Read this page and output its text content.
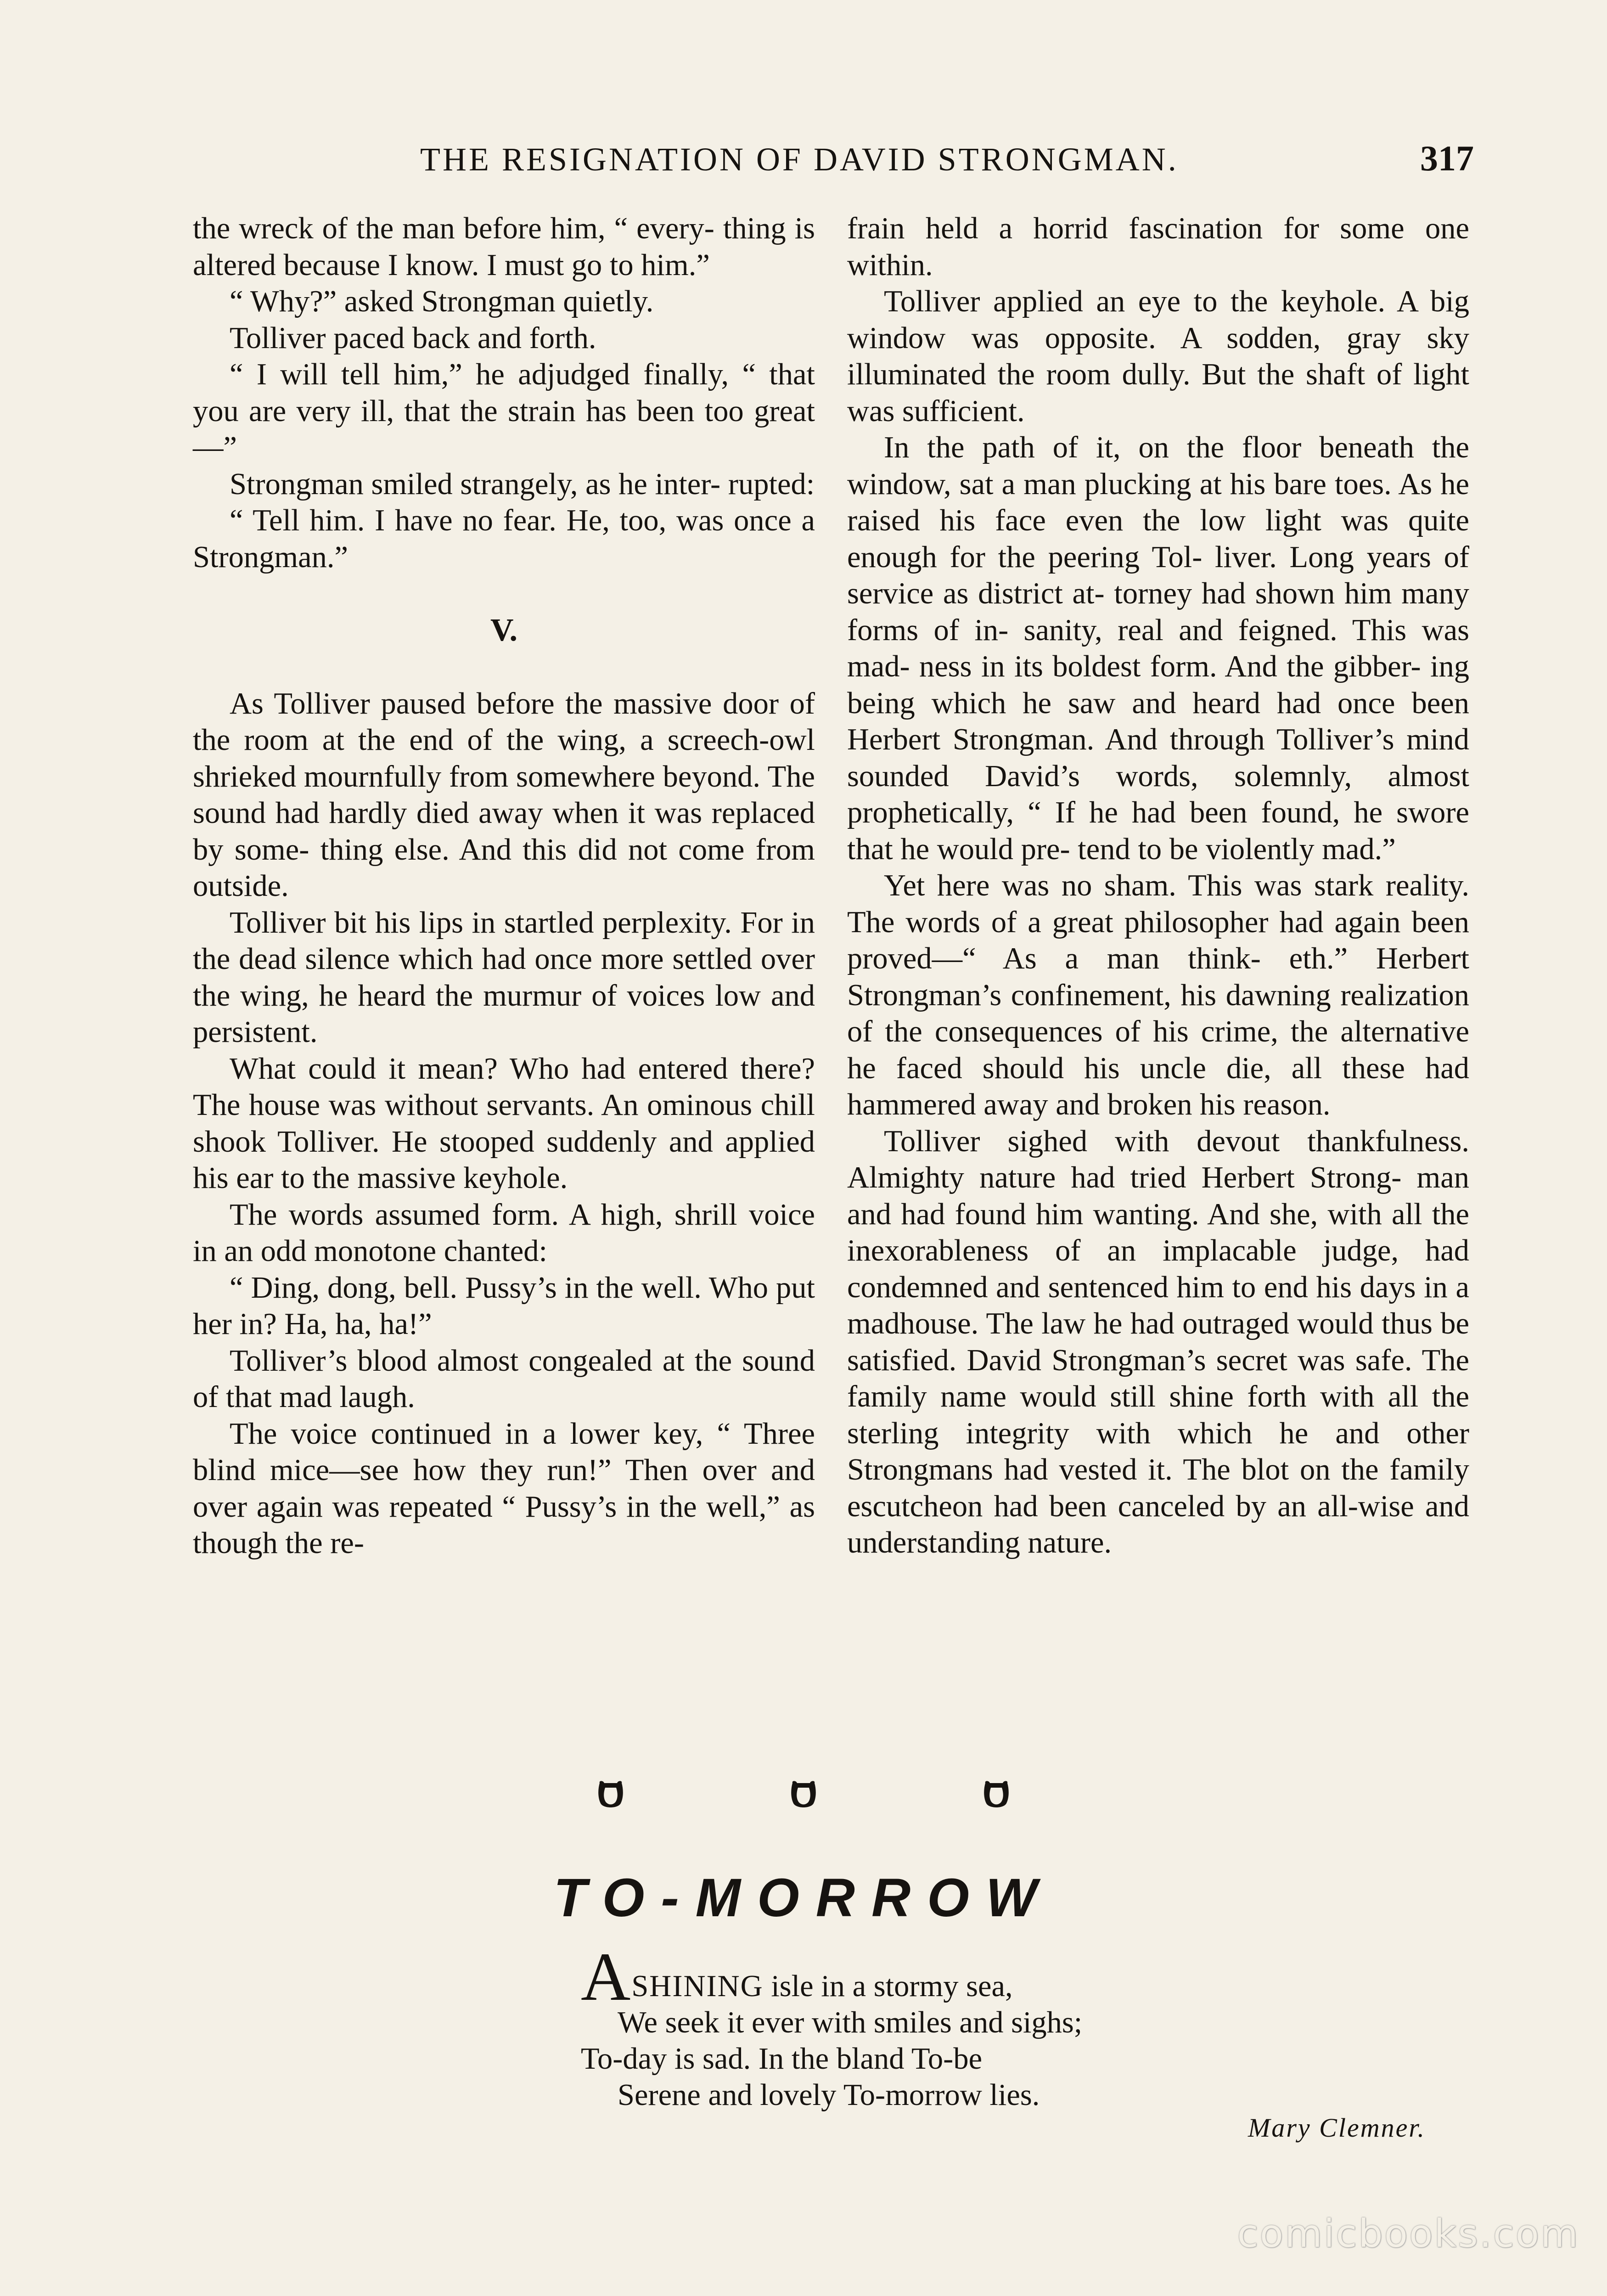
THE RESIGNATION OF DAVID STRONGMAN.	317

the wreck of the man before him, “ every- thing is altered because I know. I must go to him.”

“ Why?” asked Strongman quietly.

Tolliver paced back and forth.

“ I will tell him,” he adjudged finally, “ that you are very ill, that the strain has been too great—”

Strongman smiled strangely, as he inter- rupted:

“ Tell him. I have no fear. He, too, was once a Strongman.”

V.

As Tolliver paused before the massive door of the room at the end of the wing, a screech-owl shrieked mournfully from somewhere beyond. The sound had hardly died away when it was replaced by some- thing else. And this did not come from outside.

Tolliver bit his lips in startled perplexity. For in the dead silence which had once more settled over the wing, he heard the murmur of voices low and persistent.

What could it mean? Who had entered there? The house was without servants. An ominous chill shook Tolliver. He stooped suddenly and applied his ear to the massive keyhole.

The words assumed form. A high, shrill voice in an odd monotone chanted:

“ Ding, dong, bell. Pussy’s in the well. Who put her in? Ha, ha, ha!”

Tolliver’s blood almost congealed at the sound of that mad laugh.

The voice continued in a lower key, “ Three blind mice—see how they run!” Then over and over again was repeated “ Pussy’s in the well,” as though the re-

frain held a horrid fascination for some one within.

Tolliver applied an eye to the keyhole. A big window was opposite. A sodden, gray sky illuminated the room dully. But the shaft of light was sufficient.

In the path of it, on the floor beneath the window, sat a man plucking at his bare toes. As he raised his face even the low light was quite enough for the peering Tol- liver. Long years of service as district at- torney had shown him many forms of in- sanity, real and feigned. This was mad- ness in its boldest form. And the gibber- ing being which he saw and heard had once been Herbert Strongman. And through Tolliver’s mind sounded David’s words, solemnly, almost prophetically, “ If he had been found, he swore that he would pre- tend to be violently mad.”

Yet here was no sham. This was stark reality. The words of a great philosopher had again been proved—“ As a man think- eth.” Herbert Strongman’s confinement, his dawning realization of the consequences of his crime, the alternative he faced should his uncle die, all these had hammered away and broken his reason.

Tolliver sighed with devout thankfulness. Almighty nature had tried Herbert Strong- man and had found him wanting. And she, with all the inexorableness of an implacable judge, had condemned and sentenced him to end his days in a madhouse. The law he had outraged would thus be satisfied. David Strongman’s secret was safe. The family name would still shine forth with all the sterling integrity with which he and other Strongmans had vested it. The blot on the family escutcheon had been canceled by an all-wise and understanding nature.

TO-MORROW
ASHINING isle in a stormy sea,
We seek it ever with smiles and sighs;
To-day is sad. In the bland To-be
Serene and lovely To-morrow lies.
Mary Clemner.
comicbooks.com
